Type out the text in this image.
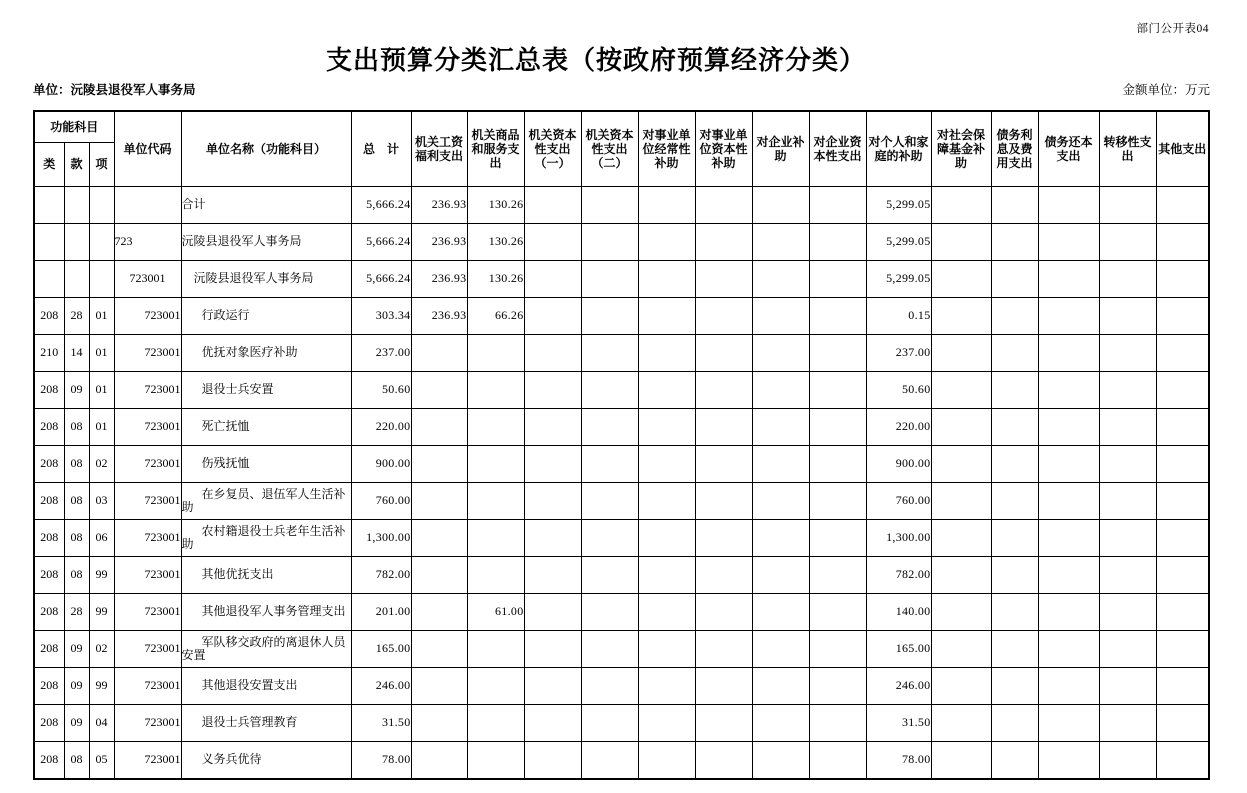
部门公开表04
支出预算分类汇总表（按政府预算经济分类）
单位：沅陵县退役军人事务局	金额单位：万元
功能科目			单位代码	单位名称（功能科目）	总    计	机关工资福利支出	机关商品和服务支出	机关资本性支出（一）	机关资本性支出（二）	对事业单位经常性补助	对事业单位资本性补助	对企业补助	对企业资本性支出	对个人和家庭的补助	对社会保障基金补助	债务利息及费用支出	债务还本支出	转移性支出	其他支出
类	款	项																	
				合计	5,666.24	236.93	130.26							5,299.05					
			723	沅陵县退役军人事务局	5,666.24	236.93	130.26							5,299.05					
			723001	沅陵县退役军人事务局	5,666.24	236.93	130.26							5,299.05					
208	28	01	723001	行政运行	303.34	236.93	66.26							0.15					
210	14	01	723001	优抚对象医疗补助	237.00									237.00					
208	09	01	723001	退役士兵安置	50.60									50.60					
208	08	01	723001	死亡抚恤	220.00									220.00					
208	08	02	723001	伤残抚恤	900.00									900.00					
208	08	03	723001	在乡复员、退伍军人生活补助	760.00									760.00					
208	08	06	723001	农村籍退役士兵老年生活补助	1,300.00									1,300.00					
208	08	99	723001	其他优抚支出	782.00									782.00					
208	28	99	723001	其他退役军人事务管理支出	201.00		61.00							140.00					
208	09	02	723001	军队移交政府的离退休人员安置	165.00									165.00					
208	09	99	723001	其他退役安置支出	246.00									246.00					
208	09	04	723001	退役士兵管理教育	31.50									31.50					
208	08	05	723001	义务兵优待	78.00									78.00					
